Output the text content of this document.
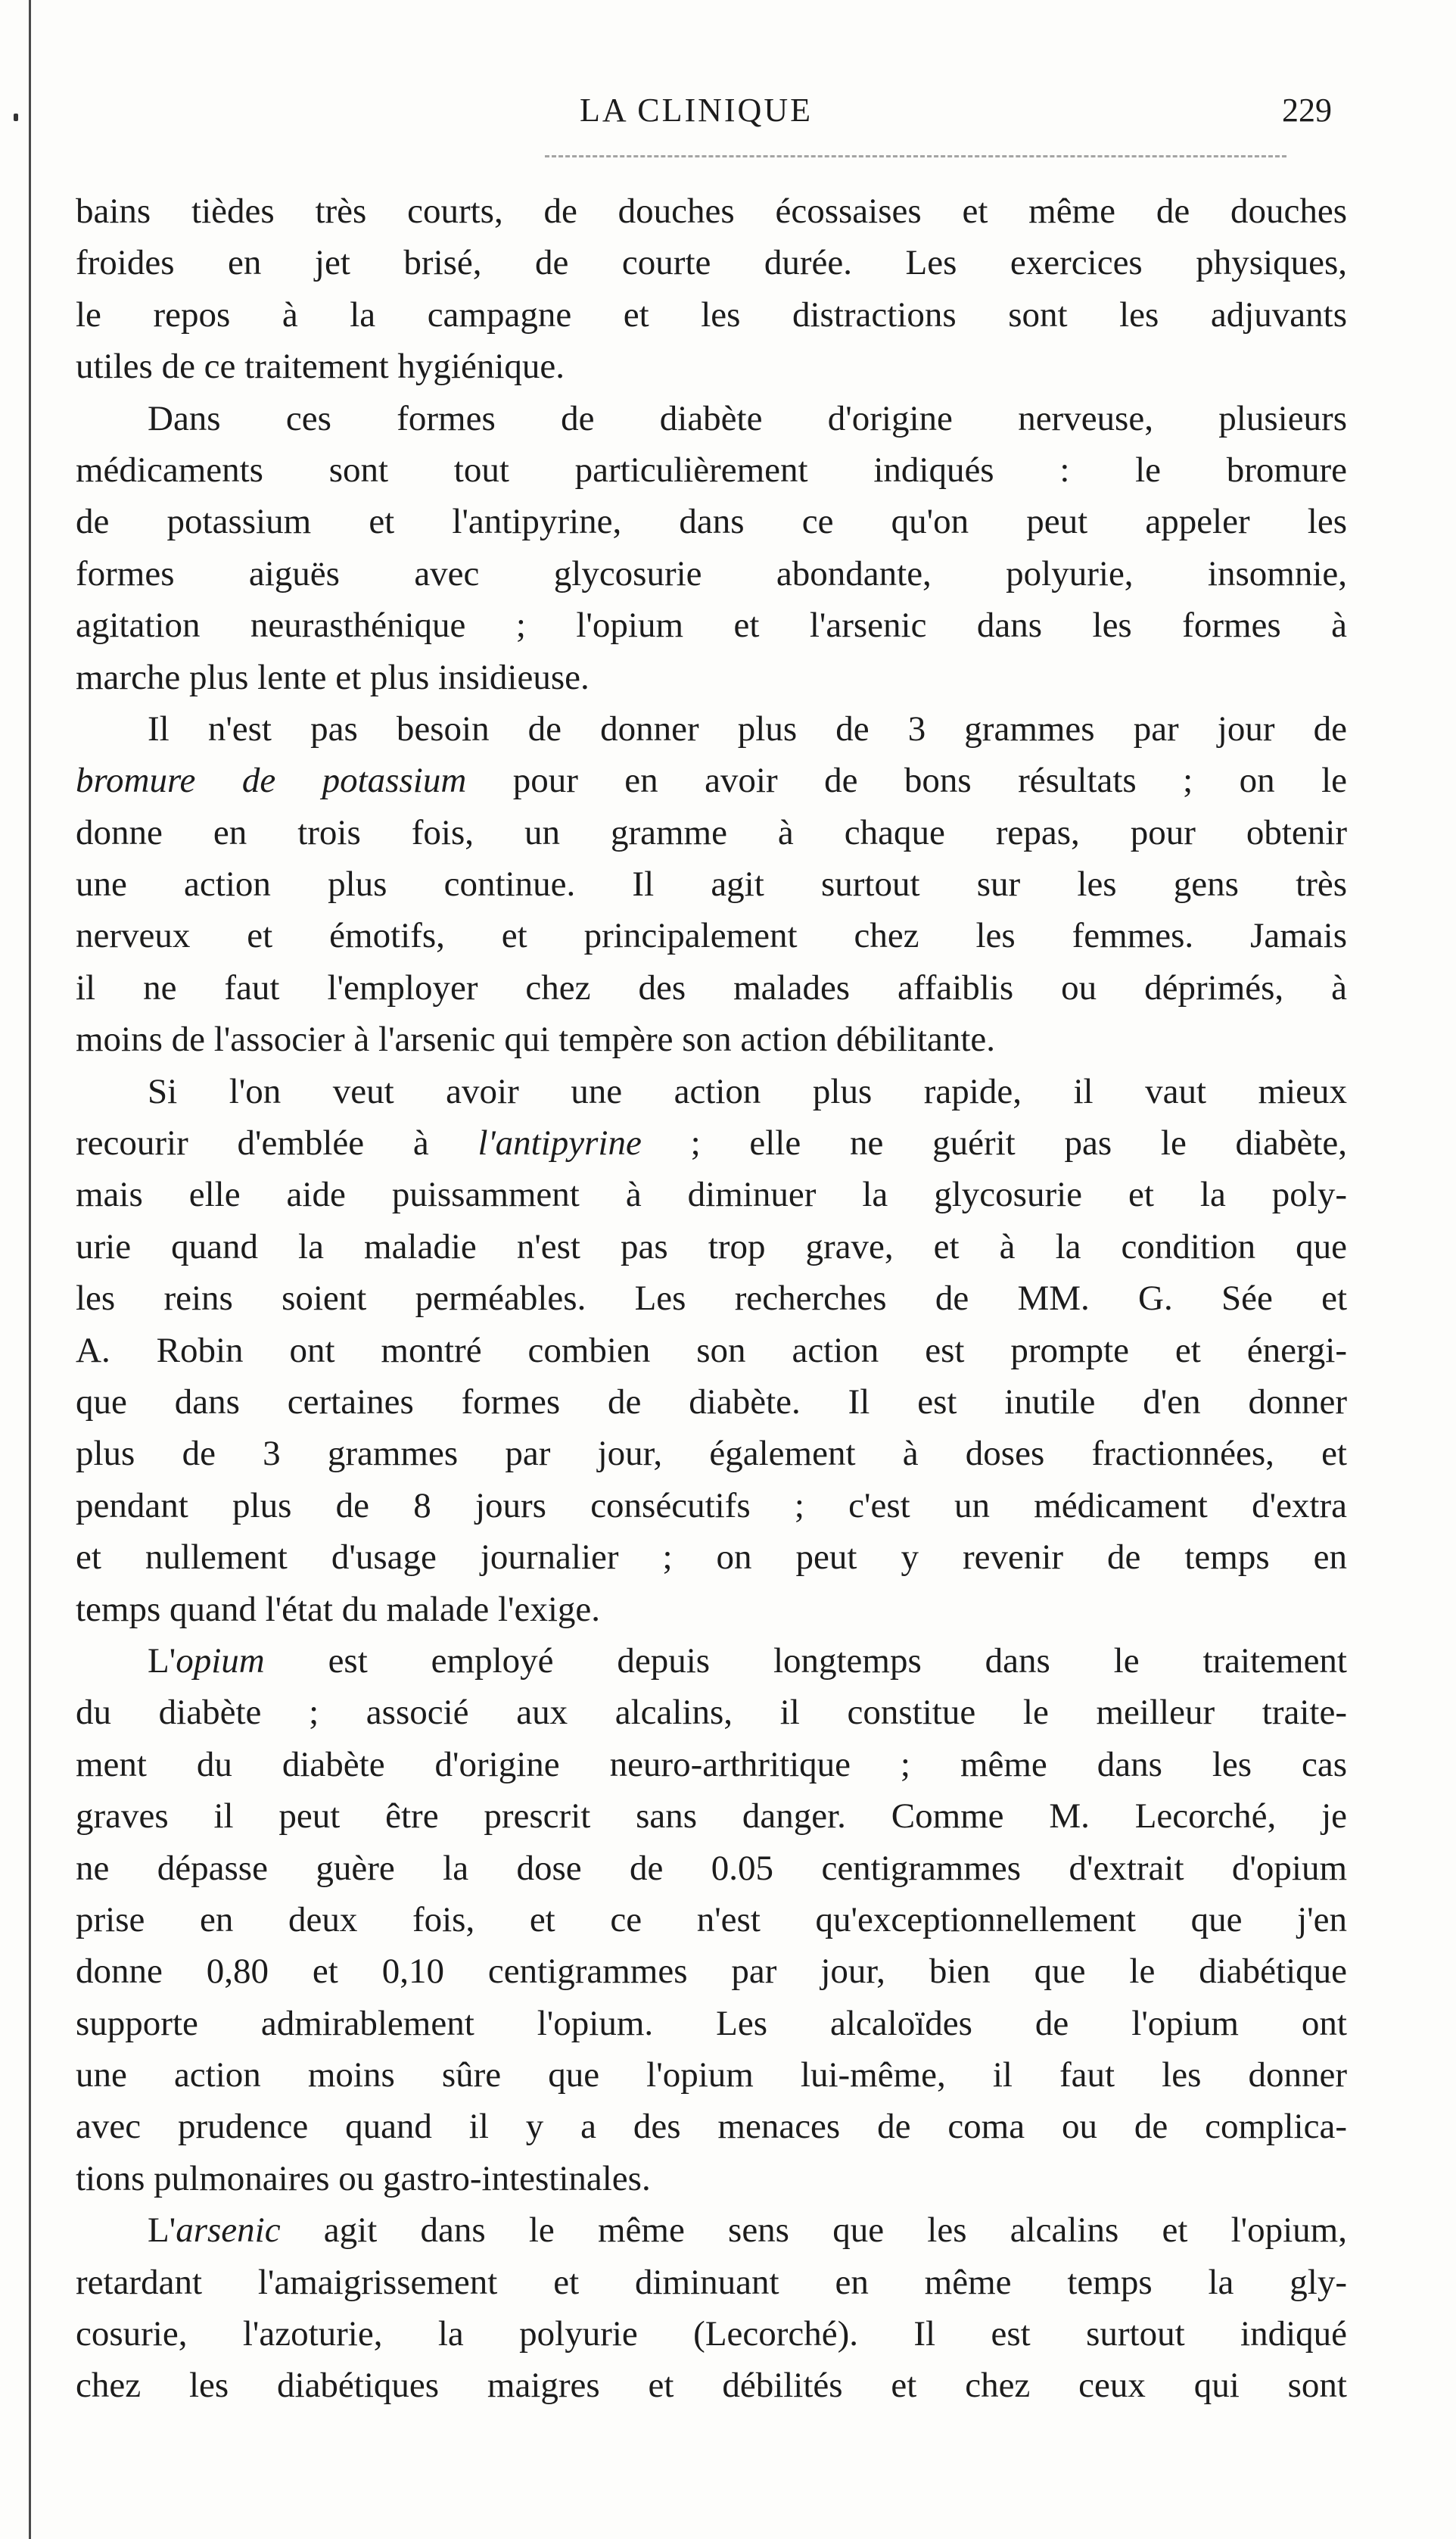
LA CLINIQUE	229
bains tièdes très courts, de douches écossaises et même de douches
froides en jet brisé, de courte durée. Les exercices physiques,
le repos à la campagne et les distractions sont les adjuvants
utiles de ce traitement hygiénique.
Dans ces formes de diabète d'origine nerveuse, plusieurs
médicaments sont tout particulièrement indiqués : le bromure
de potassium et l'antipyrine, dans ce qu'on peut appeler les
formes aiguës avec glycosurie abondante, polyurie, insomnie,
agitation neurasthénique ; l'opium et l'arsenic dans les formes à
marche plus lente et plus insidieuse.
Il n'est pas besoin de donner plus de 3 grammes par jour de
bromure de potassium pour en avoir de bons résultats ; on le
donne en trois fois, un gramme à chaque repas, pour obtenir
une action plus continue. Il agit surtout sur les gens très
nerveux et émotifs, et principalement chez les femmes. Jamais
il ne faut l'employer chez des malades affaiblis ou déprimés, à
moins de l'associer à l'arsenic qui tempère son action débilitante.
Si l'on veut avoir une action plus rapide, il vaut mieux
recourir d'emblée à l'antipyrine ; elle ne guérit pas le diabète,
mais elle aide puissamment à diminuer la glycosurie et la poly-
urie quand la maladie n'est pas trop grave, et à la condition que
les reins soient perméables. Les recherches de MM. G. Sée et
A. Robin ont montré combien son action est prompte et énergi-
que dans certaines formes de diabète. Il est inutile d'en donner
plus de 3 grammes par jour, également à doses fractionnées, et
pendant plus de 8 jours consécutifs ; c'est un médicament d'extra
et nullement d'usage journalier ; on peut y revenir de temps en
temps quand l'état du malade l'exige.
L'opium est employé depuis longtemps dans le traitement
du diabète ; associé aux alcalins, il constitue le meilleur traite-
ment du diabète d'origine neuro-arthritique ; même dans les cas
graves il peut être prescrit sans danger. Comme M. Lecorché, je
ne dépasse guère la dose de 0.05 centigrammes d'extrait d'opium
prise en deux fois, et ce n'est qu'exceptionnellement que j'en
donne 0,80 et 0,10 centigrammes par jour, bien que le diabétique
supporte admirablement l'opium. Les alcaloïdes de l'opium ont
une action moins sûre que l'opium lui-même, il faut les donner
avec prudence quand il y a des menaces de coma ou de complica-
tions pulmonaires ou gastro-intestinales.
L'arsenic agit dans le même sens que les alcalins et l'opium,
retardant l'amaigrissement et diminuant en même temps la gly-
cosurie, l'azoturie, la polyurie (Lecorché). Il est surtout indiqué
chez les diabétiques maigres et débilités et chez ceux qui sont
